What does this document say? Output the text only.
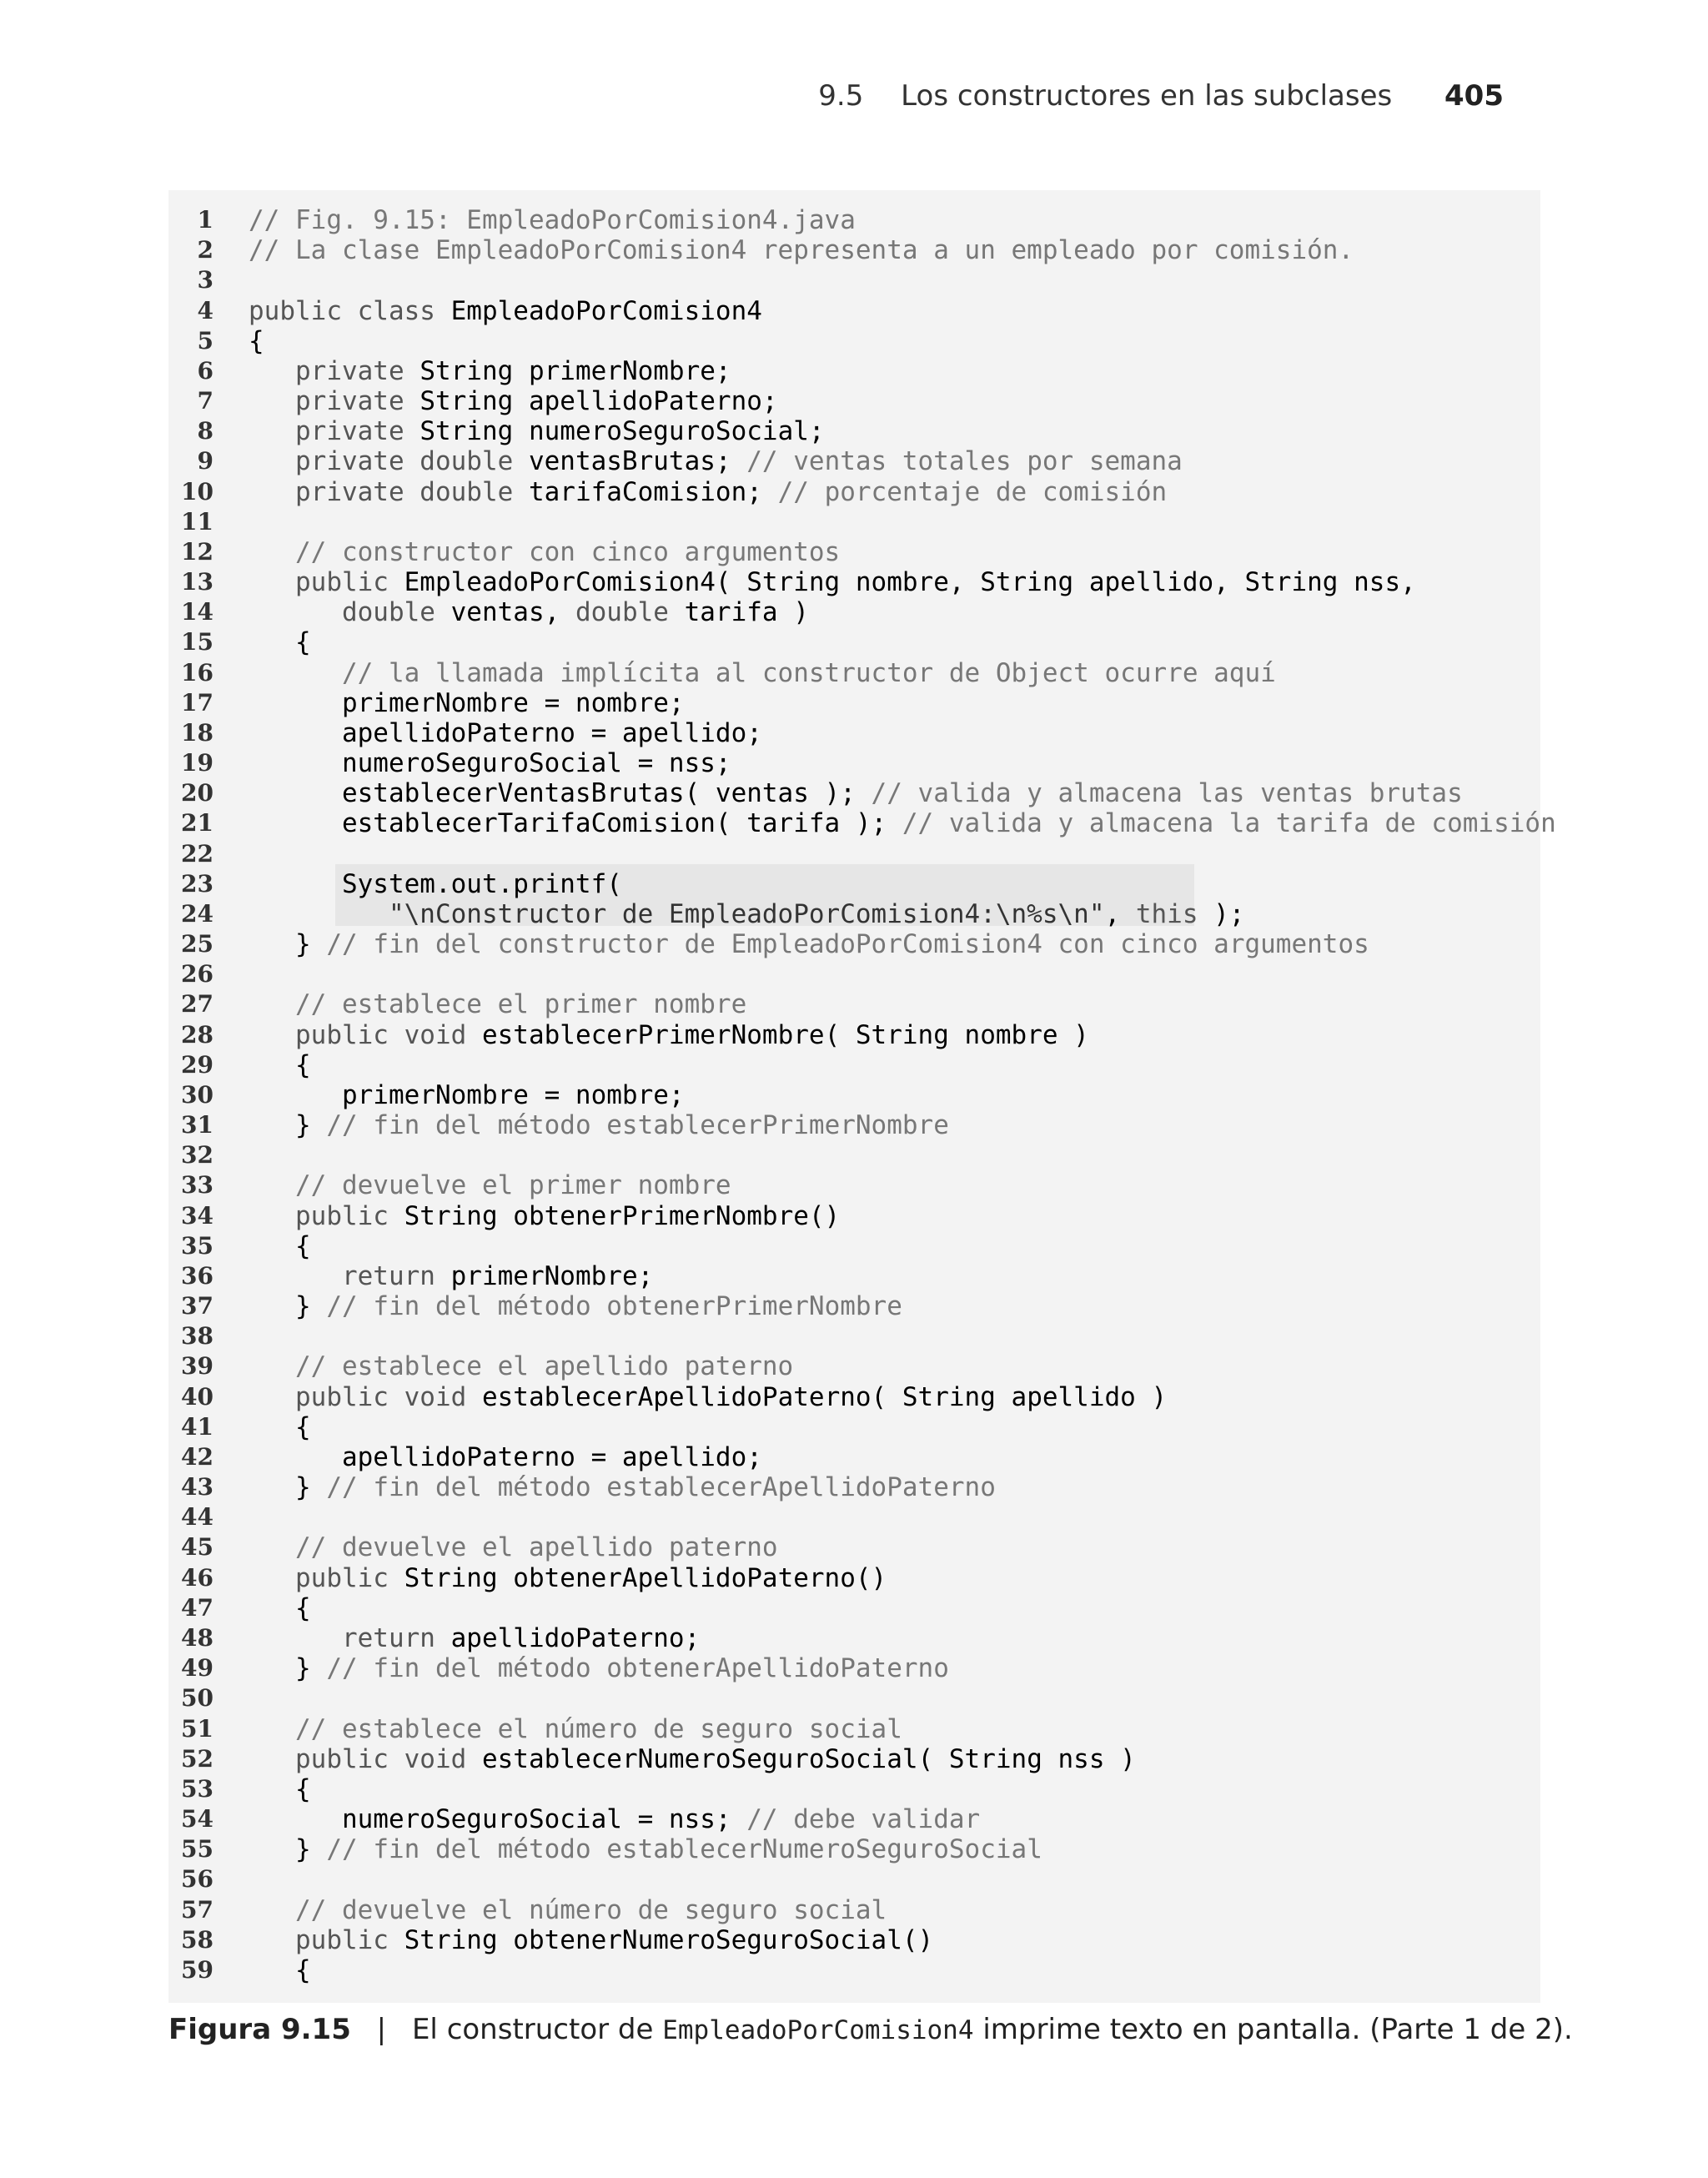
9.5 Los constructores en las subclases 405
1 // Fig. 9.15: EmpleadoPorComision4.java
2 // La clase EmpleadoPorComision4 representa a un empleado por comisión.
3
4 public class EmpleadoPorComision4
5 {
6 private String primerNombre;
7 private String apellidoPaterno;
8 private String numeroSeguroSocial;
9 private double ventasBrutas; // ventas totales por semana
10 private double tarifaComision; // porcentaje de comisión
11
12 // constructor con cinco argumentos
13 public EmpleadoPorComision4( String nombre, String apellido, String nss,
14 double ventas, double tarifa )
15 {
16 // la llamada implícita al constructor de Object ocurre aquí
17 primerNombre = nombre;
18 apellidoPaterno = apellido;
19 numeroSeguroSocial = nss;
20 establecerVentasBrutas( ventas ); // valida y almacena las ventas brutas
21 establecerTarifaComision( tarifa ); // valida y almacena la tarifa de comisión
22
23 System.out.printf(
24 "\nConstructor de EmpleadoPorComision4:\n%s\n", this );
25 } // fin del constructor de EmpleadoPorComision4 con cinco argumentos
26
27 // establece el primer nombre
28 public void establecerPrimerNombre( String nombre )
29 {
30 primerNombre = nombre;
31 } // fin del método establecerPrimerNombre
32
33 // devuelve el primer nombre
34 public String obtenerPrimerNombre()
35 {
36 return primerNombre;
37 } // fin del método obtenerPrimerNombre
38
39 // establece el apellido paterno
40 public void establecerApellidoPaterno( String apellido )
41 {
42 apellidoPaterno = apellido;
43 } // fin del método establecerApellidoPaterno
44
45 // devuelve el apellido paterno
46 public String obtenerApellidoPaterno()
47 {
48 return apellidoPaterno;
49 } // fin del método obtenerApellidoPaterno
50
51 // establece el número de seguro social
52 public void establecerNumeroSeguroSocial( String nss )
53 {
54 numeroSeguroSocial = nss; // debe validar
55 } // fin del método establecerNumeroSeguroSocial
56
57 // devuelve el número de seguro social
58 public String obtenerNumeroSeguroSocial()
59 {
Figura 9.15 | El constructor de EmpleadoPorComision4 imprime texto en pantalla. (Parte 1 de 2).
